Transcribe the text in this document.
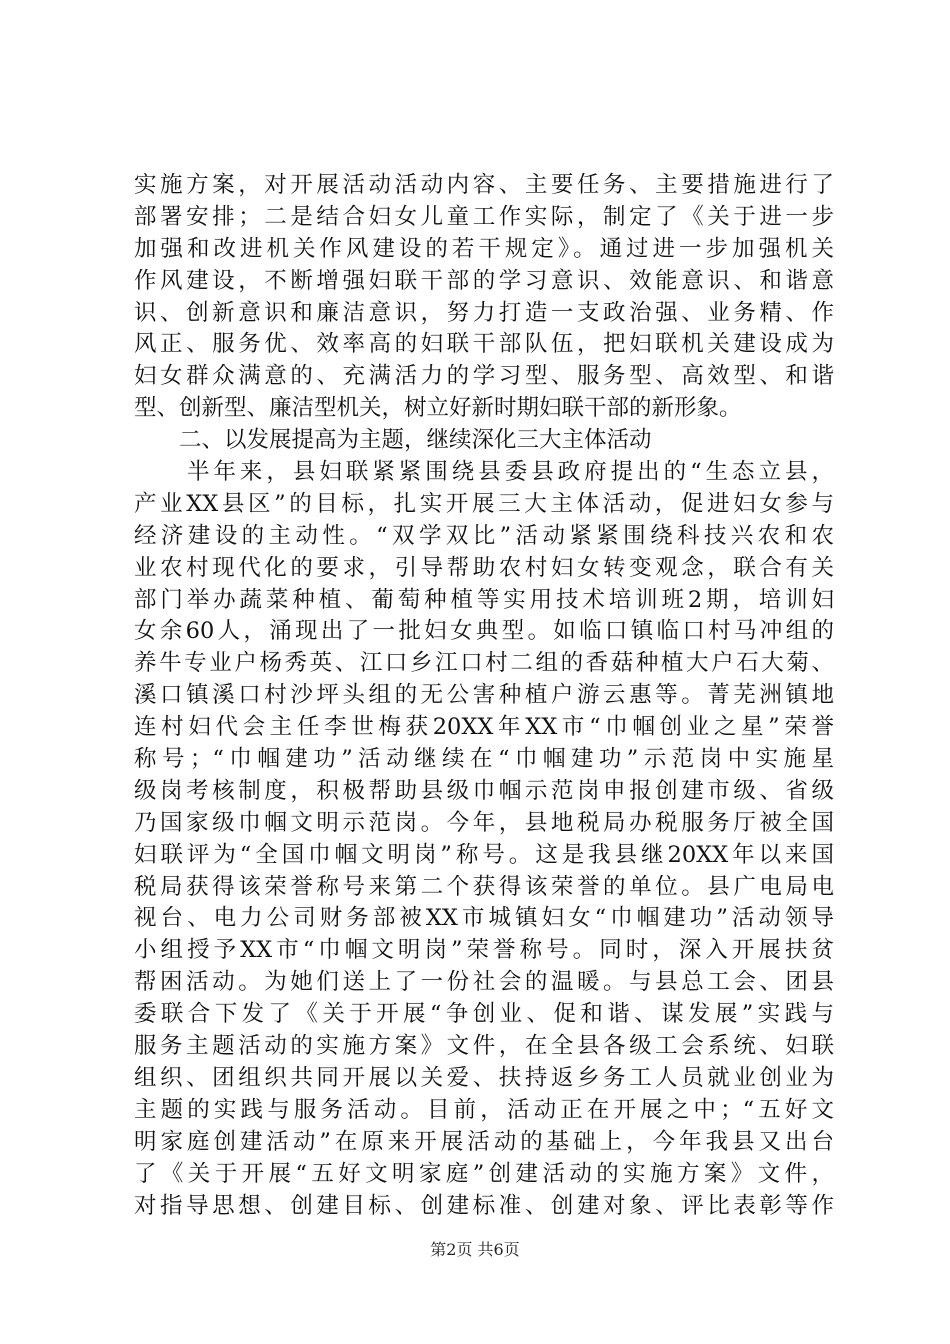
实施方案，对开展活动活动内容、主要任务、主要措施进行了
部署安排；二是结合妇女儿童工作实际，制定了《关于进一步
加强和改进机关作风建设的若干规定》。通过进一步加强机关
作风建设，不断增强妇联干部的学习意识、效能意识、和谐意
识、创新意识和廉洁意识，努力打造一支政治强、业务精、作
风正、服务优、效率高的妇联干部队伍，把妇联机关建设成为
妇女群众满意的、充满活力的学习型、服务型、高效型、和谐
型、创新型、廉洁型机关，树立好新时期妇联干部的新形象。
二、以发展提高为主题，继续深化三大主体活动
　　半年来，县妇联紧紧围绕县委县政府提出的“生态立县，
产业XX县区”的目标，扎实开展三大主体活动，促进妇女参与
经济建设的主动性。“双学双比”活动紧紧围绕科技兴农和农
业农村现代化的要求，引导帮助农村妇女转变观念，联合有关
部门举办蔬菜种植、葡萄种植等实用技术培训班2期，培训妇
女余60人，涌现出了一批妇女典型。如临口镇临口村马冲组的
养牛专业户杨秀英、江口乡江口村二组的香菇种植大户石大菊、
溪口镇溪口村沙坪头组的无公害种植户游云惠等。菁芜洲镇地
连村妇代会主任李世梅获20XX年XX市“巾帼创业之星”荣誉
称号；“巾帼建功”活动继续在“巾帼建功”示范岗中实施星
级岗考核制度，积极帮助县级巾帼示范岗申报创建市级、省级
乃国家级巾帼文明示范岗。今年，县地税局办税服务厅被全国
妇联评为“全国巾帼文明岗”称号。这是我县继20XX年以来国
税局获得该荣誉称号来第二个获得该荣誉的单位。县广电局电
视台、电力公司财务部被XX市城镇妇女“巾帼建功”活动领导
小组授予XX市“巾帼文明岗”荣誉称号。同时，深入开展扶贫
帮困活动。为她们送上了一份社会的温暖。与县总工会、团县
委联合下发了《关于开展“争创业、促和谐、谋发展”实践与
服务主题活动的实施方案》文件，在全县各级工会系统、妇联
组织、团组织共同开展以关爱、扶持返乡务工人员就业创业为
主题的实践与服务活动。目前，活动正在开展之中；“五好文
明家庭创建活动”在原来开展活动的基础上，今年我县又出台
了《关于开展“五好文明家庭”创建活动的实施方案》文件，
对指导思想、创建目标、创建标准、创建对象、评比表彰等作
第2页 共6页
